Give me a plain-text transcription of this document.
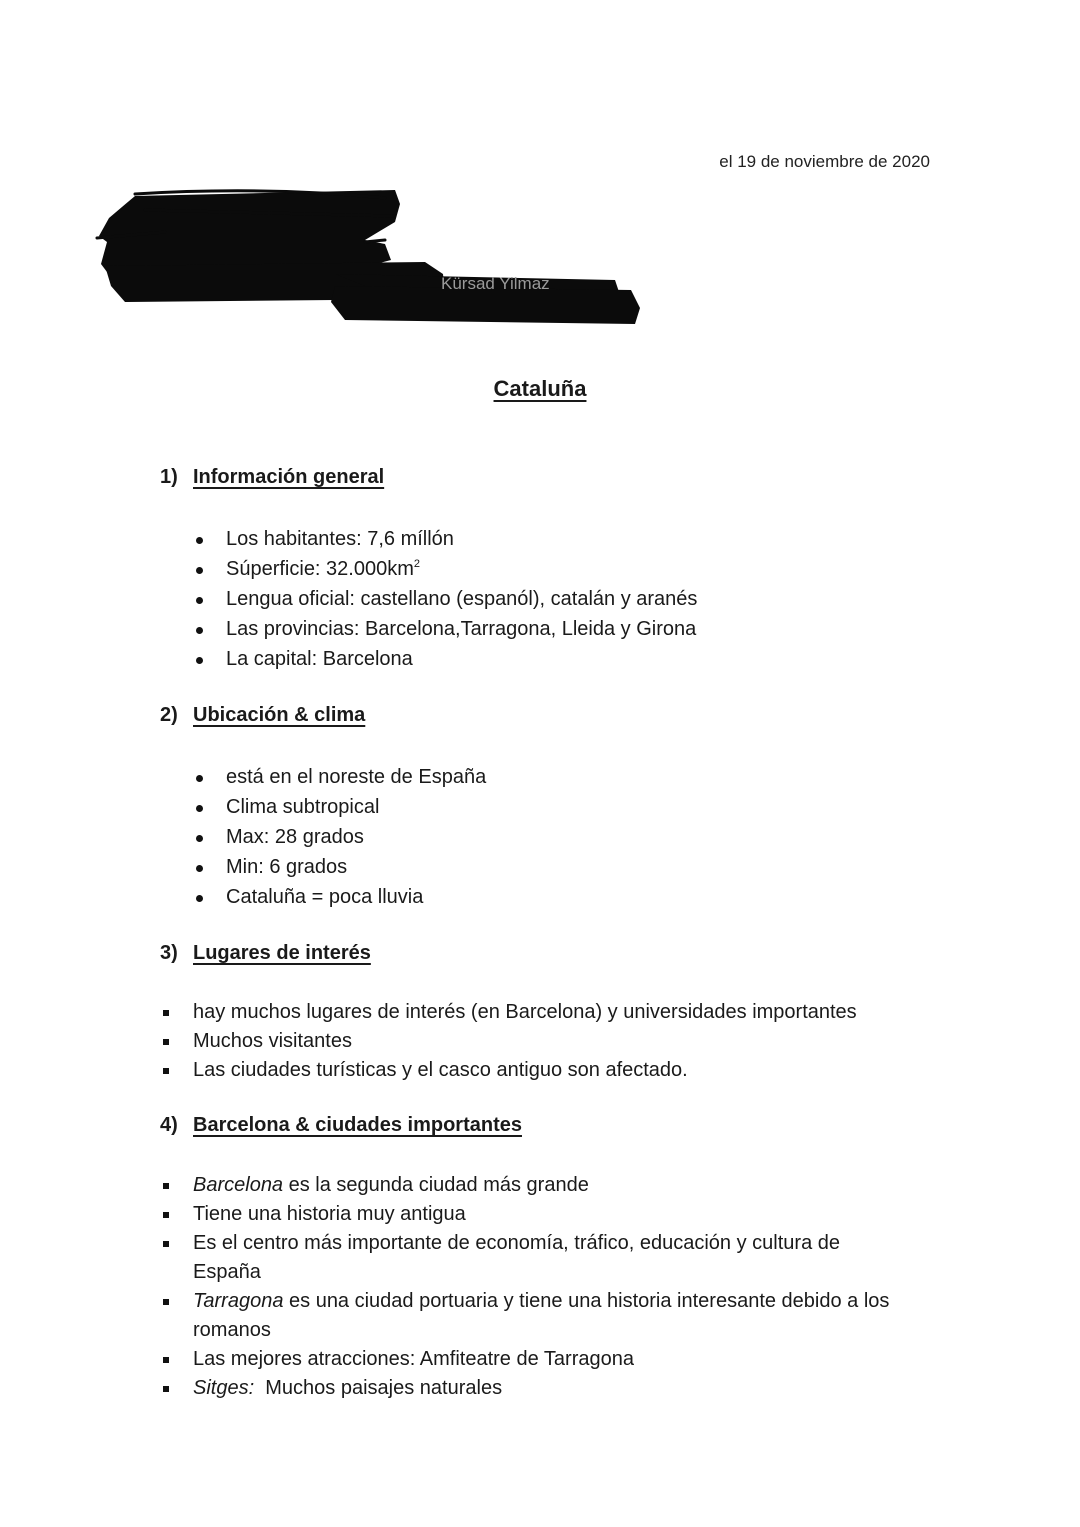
el 19 de noviembre de 2020
Kürsad Yilmaz
Cataluña
1) Información general
Los habitantes: 7,6 míllón
Súperficie: $32.000km^2$
Lengua oficial: castellano (espanól), catalán y aranés
Las provincias: Barcelona,Tarragona, Lleida y Girona
La capital: Barcelona
2) Ubicación & clima
está en el noreste de España
Clima subtropical
Max: 28 grados
Min: 6 grados
Cataluña = poca lluvia
3) Lugares de interés
hay muchos lugares de interés (en Barcelona) y universidades importantes
Muchos visitantes
Las ciudades turísticas y el casco antiguo son afectado.
4) Barcelona & ciudades importantes
Barcelona es la segunda ciudad más grande
Tiene una historia muy antigua
Es el centro más importante de economía, tráfico, educación y cultura de España
Tarragona es una ciudad portuaria y tiene una historia interesante debido a los romanos
Las mejores atracciones: Amfiteatre de Tarragona
Sitges:  Muchos paisajes naturales
